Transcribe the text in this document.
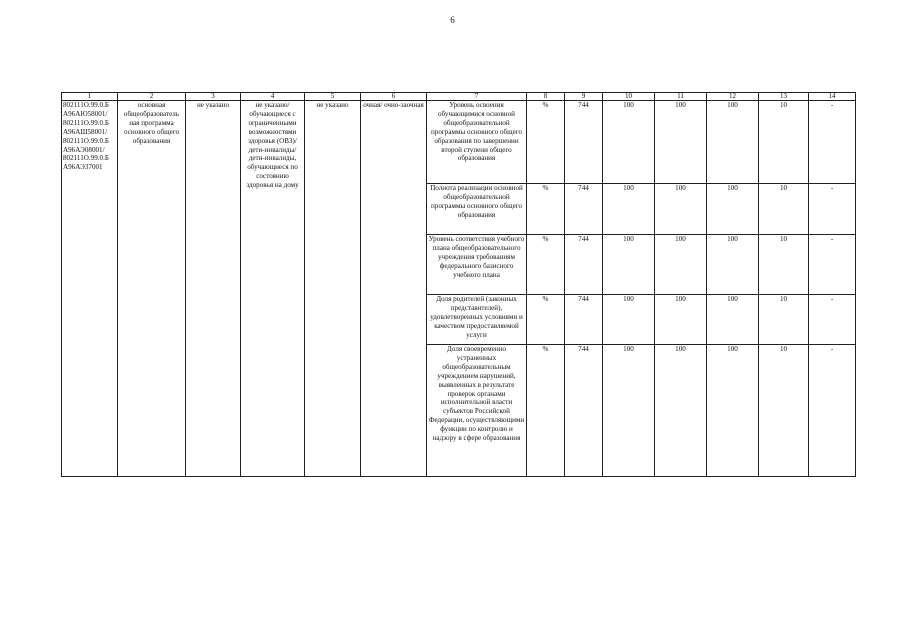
6
1	2	3	4	5	6	7	8	9	10	11	12	13	14
802111О.99.0.Б А96АЮ58001/ 802111О.99.0.Б А96АШ58001/ 802111О.99.0.Б А96АЭ08001/ 802111О.99.0.Б А96АЭ37001	основная общеобразователь ная программа основного общего образования	не указано	не указано/ обучающиеся с ограниченными возможностями здоровья (ОВЗ)/ дети-инвалиды/ дети-инвалиды, обучающиеся по состоянию здоровья на дому	не указано	очная/ очно-заочная	Уровень освоения обучающимися основной общеобразовательной программы основного общего образования по завершении второй ступени общего образования	%	744	100	100	100	10	-
						Полнота реализации основной общеобразовательной программы основного общего образования	%	744	100	100	100	10	-
						Уровень соответствия учебного плана общеобразовательного учреждения требованиям федерального базисного учебного плана	%	744	100	100	100	10	-
						Доля родителей (законных представителей), удовлетворенных условиями и качеством предоставляемой услуги	%	744	100	100	100	10	-
						Доля своевременно устраненных общеобразовательным учреждением нарушений, выявленных в результате проверок органами исполнительной власти субъектов Российской Федерации, осуществляющими функции по контролю и надзору в сфере образования	%	744	100	100	100	10	-
